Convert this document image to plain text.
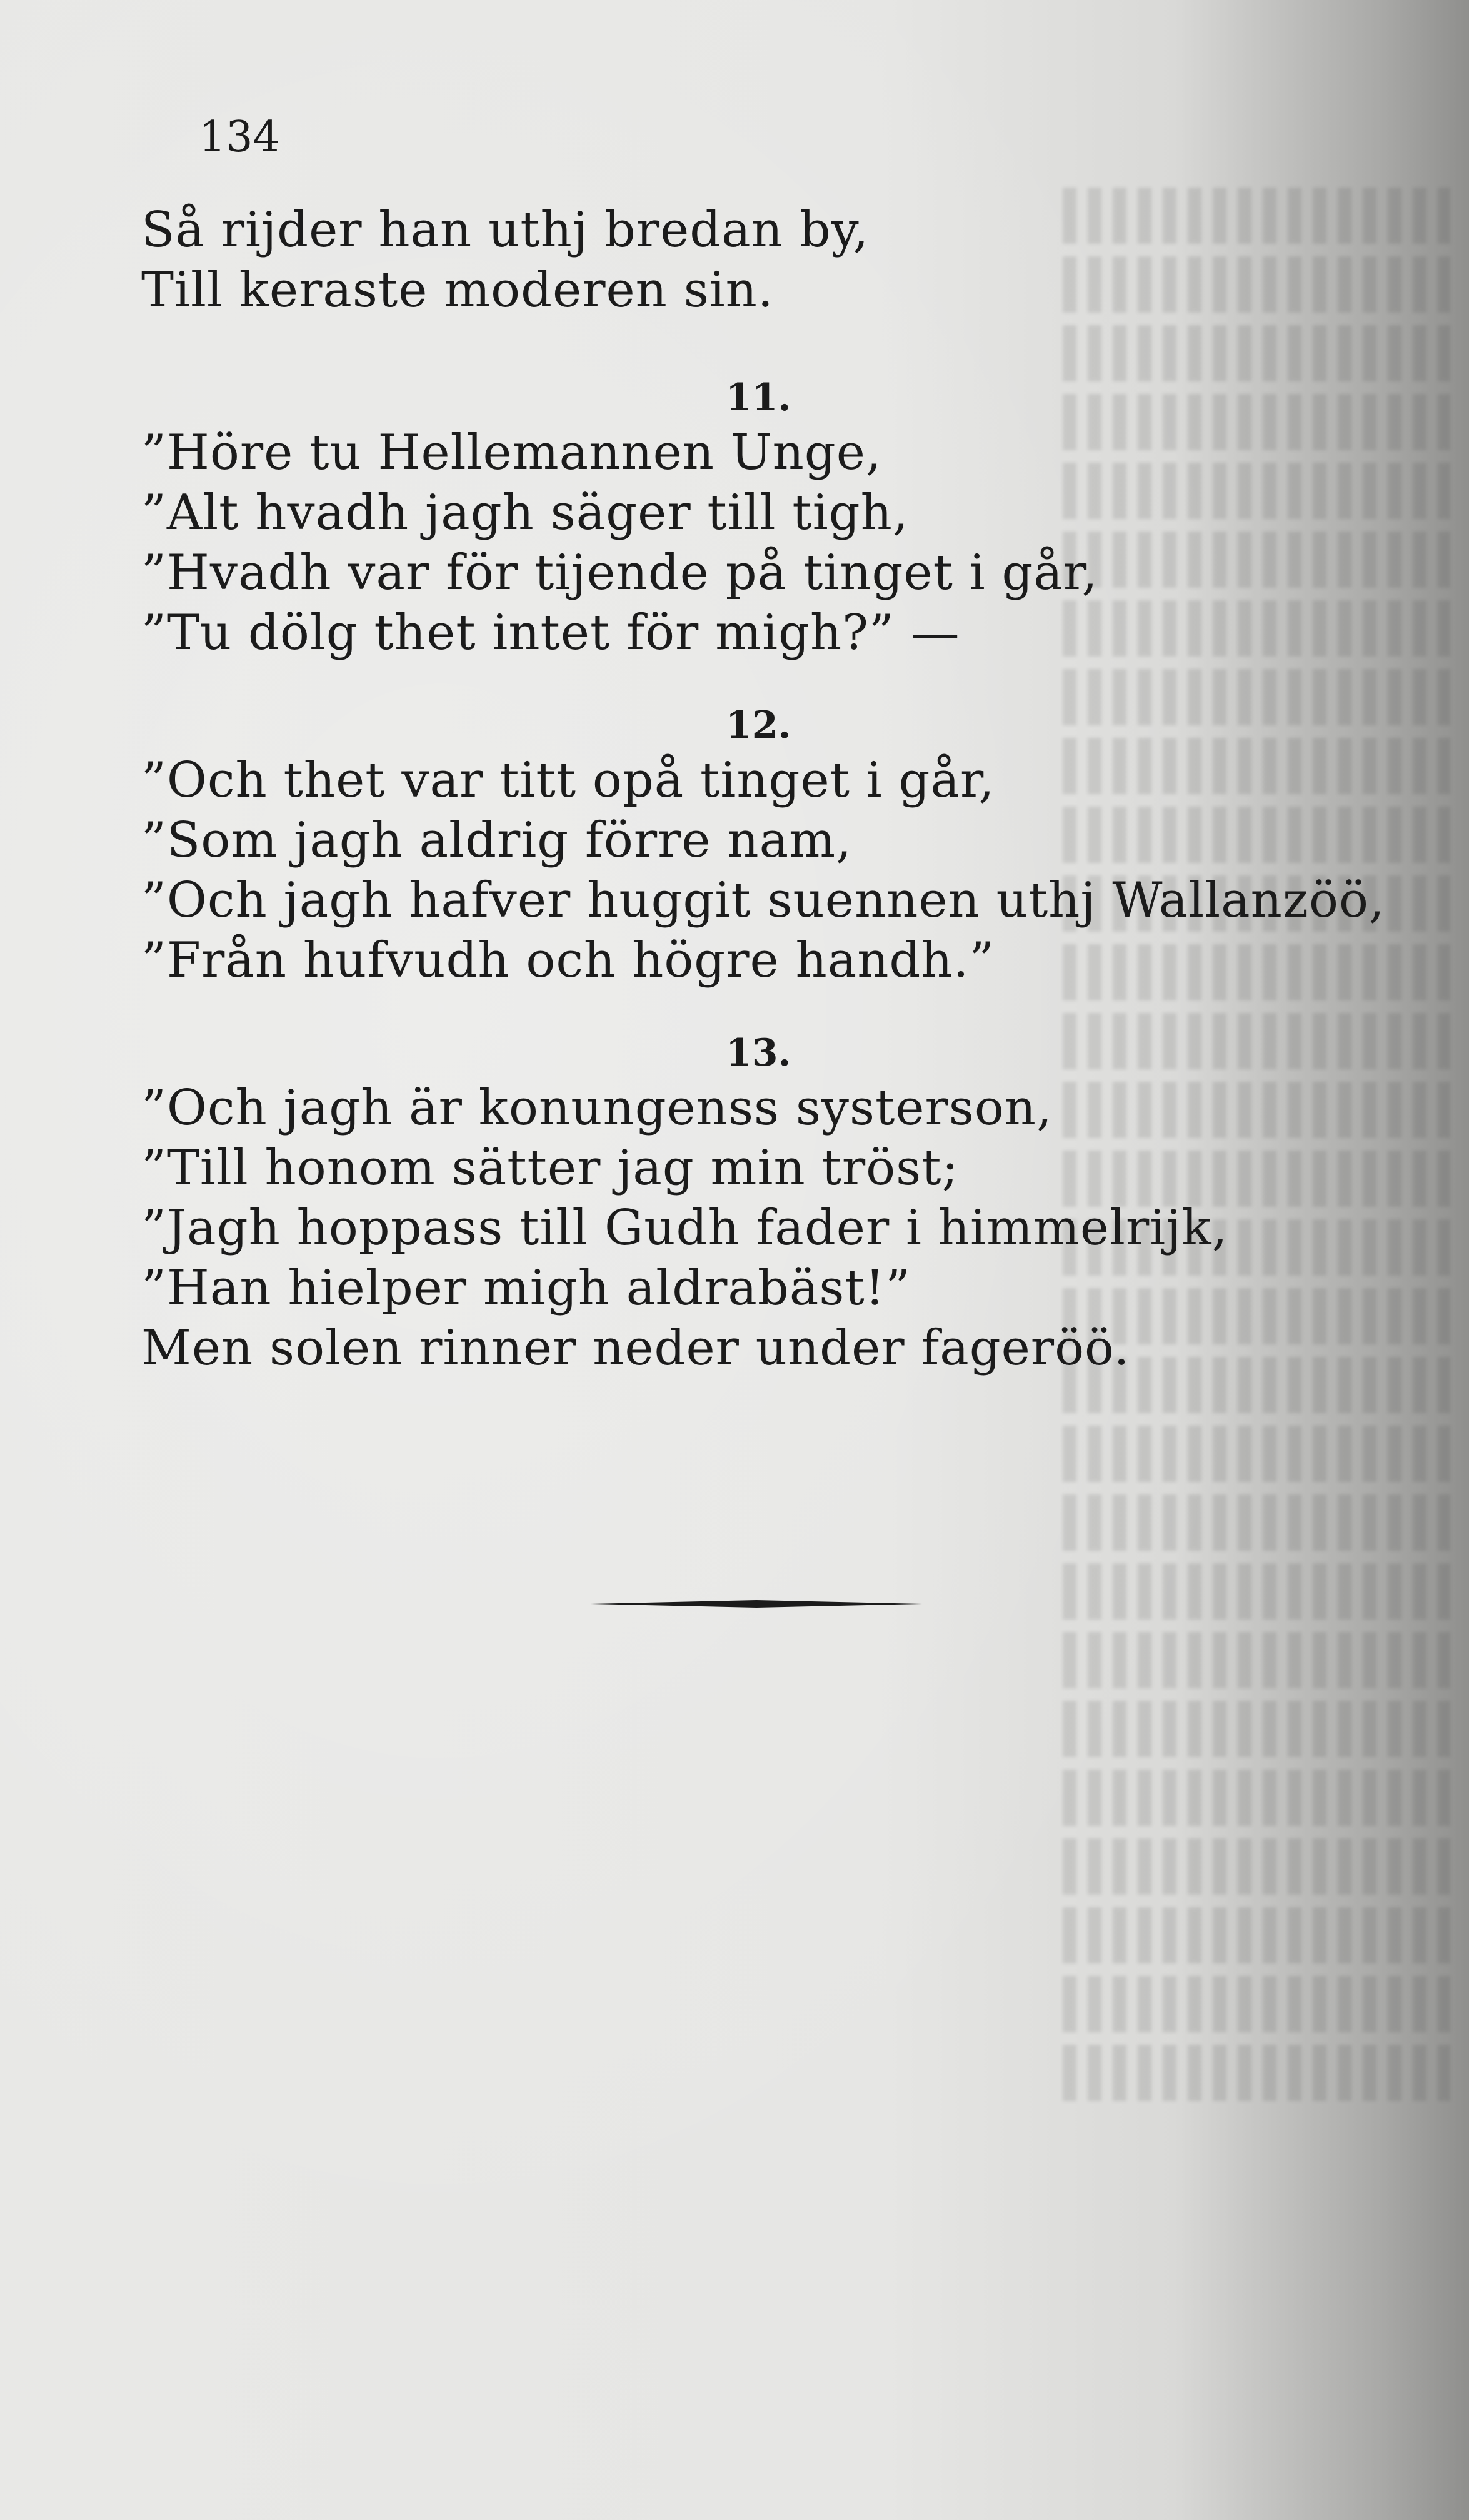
134
Så rijder han uthj bredan by,
Till keraste moderen sin.
11.
”Höre tu Hellemannen Unge,
”Alt hvadh jagh säger till tigh,
”Hvadh var för tijende på tinget i går,
”Tu dölg thet intet för migh?” —
12.
”Och thet var titt opå tinget i går,
”Som jagh aldrig förre nam,
”Och jagh hafver huggit suennen uthj Wallanzöö,
”Från hufvudh och högre handh.”
13.
”Och jagh är konungenss systerson,
”Till honom sätter jag min tröst;
”Jagh hoppass till Gudh fader i himmelrijk,
”Han hielper migh aldrabäst!”
Men solen rinner neder under fageröö.
